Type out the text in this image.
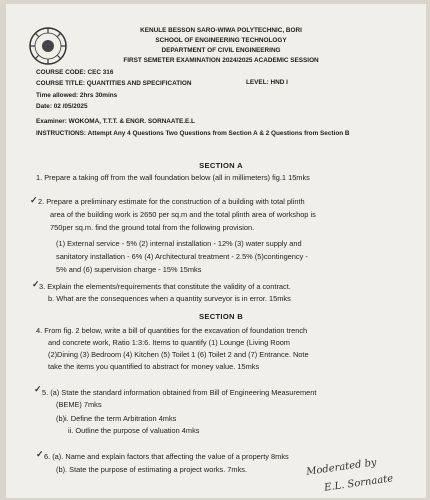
KENULE BESSON SARO-WIWA POLYTECHNIC, BORI
SCHOOL OF ENGINEERING TECHNOLOGY
DEPARTMENT OF CIVIL ENGINEERING
FIRST SEMETER EXAMINATION 2024/2025 ACADEMIC SESSION
COURSE CODE: CEC 316
LEVEL: HND I
COURSE TITLE: QUANTITIES AND SPECIFICATION
Time allowed: 2hrs 30mins
Date: 02 /05/2025
Examiner: WOKOMA, T.T.T. & ENGR. SORNAATE.E.L
INSTRUCTIONS: Attempt Any 4 Questions Two Questions from Section A & 2 Questions from Section B
SECTION A
1. Prepare a taking off from the wall foundation below (all in millimeters) fig.1 15mks
✓ 2. Prepare a preliminary estimate for the construction of a building with total plinth
area of the building work is 2650 per sq.m and the total plinth area of workshop is
750per sq.m. find the ground total from the following provision.
(1) External service - 5% (2) internal installation - 12% (3) water supply and
sanitatory installation - 6% (4) Architectural treatment - 2.5% (5)contingency -
5% and (6) supervision charge - 15% 15mks
✓ 3. Explain the elements/requirements that constitute the validity of a contract.
b. What are the consequences when a quantity surveyor is in error. 15mks
SECTION B
4. From fig. 2 below, write a bill of quantities for the excavation of foundation trench
and concrete work, Ratio 1:3:6. Items to quantify (1) Lounge (Living Room
(2)Dining (3) Bedroom (4) Kitchen (5) Toilet 1 (6) Toilet 2 and (7) Entrance. Note
take the items you quantified to abstract for money value. 15mks
✓ 5. (a) State the standard information obtained from Bill of Engineering Measurement
(BEME) 7mks
(b)i. Define the term Arbitration 4mks
ii. Outline the purpose of valuation 4mks
✓ 6. (a). Name and explain factors that affecting the value of a property 8mks
(b). State the purpose of estimating a project works. 7mks.	Moderated by
E.L. Sornaate
